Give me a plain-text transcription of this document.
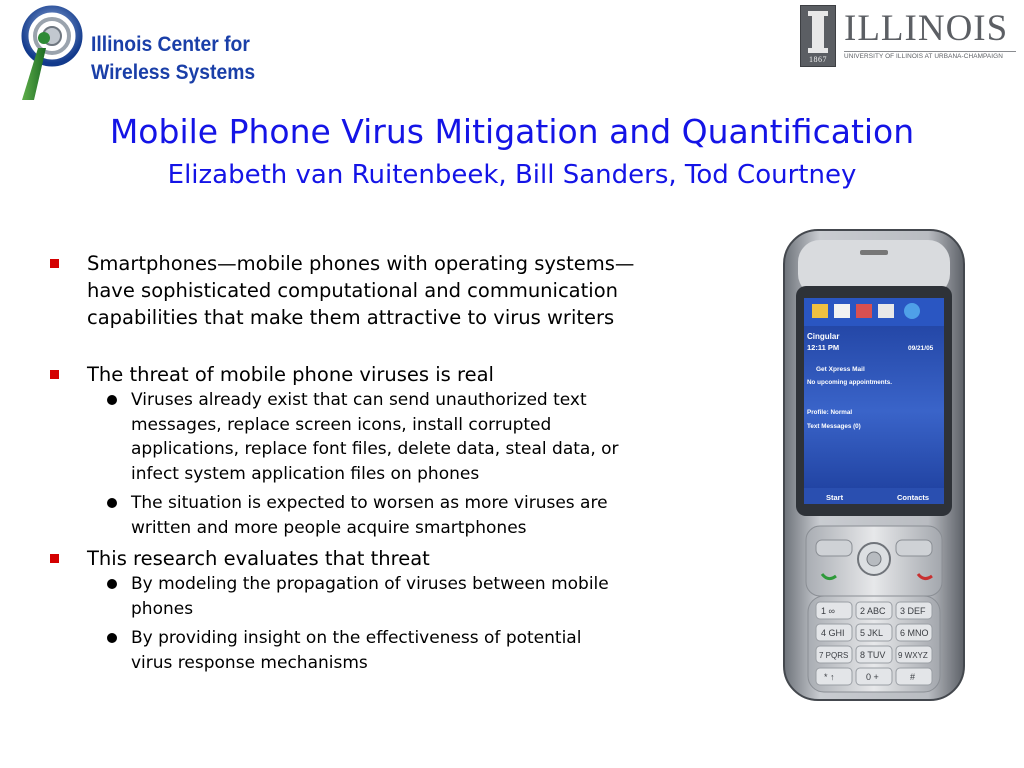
Illinois Center for
Wireless Systems
1867
ILLINOIS
UNIVERSITY OF ILLINOIS AT URBANA-CHAMPAIGN
Mobile Phone Virus Mitigation and Quantification
Elizabeth van Ruitenbeek, Bill Sanders, Tod Courtney
Smartphones—mobile phones with operating systems—
have sophisticated computational and communication
capabilities that make them attractive to virus writers
The threat of mobile phone viruses is real
Viruses already exist that can send unauthorized text
messages, replace screen icons, install corrupted
applications, replace font files, delete data, steal data, or
infect system application files on phones
The situation is expected to worsen as more viruses are
written and more people acquire smartphones
This research evaluates that threat
By modeling the propagation of viruses between mobile
phones
By providing insight on the effectiveness of potential
virus response mechanisms
Cingular
12:11 PM	09/21/05
Get Xpress Mail
No upcoming appointments.
Profile: Normal
Text Messages (0)
Start	Contacts
1 ∞	2 ABC 3 DEF
4 GHI 5 JKL 6 MNO
7 PQRS 8 TUV 9 WXYZ
* ↑	0 +	#
